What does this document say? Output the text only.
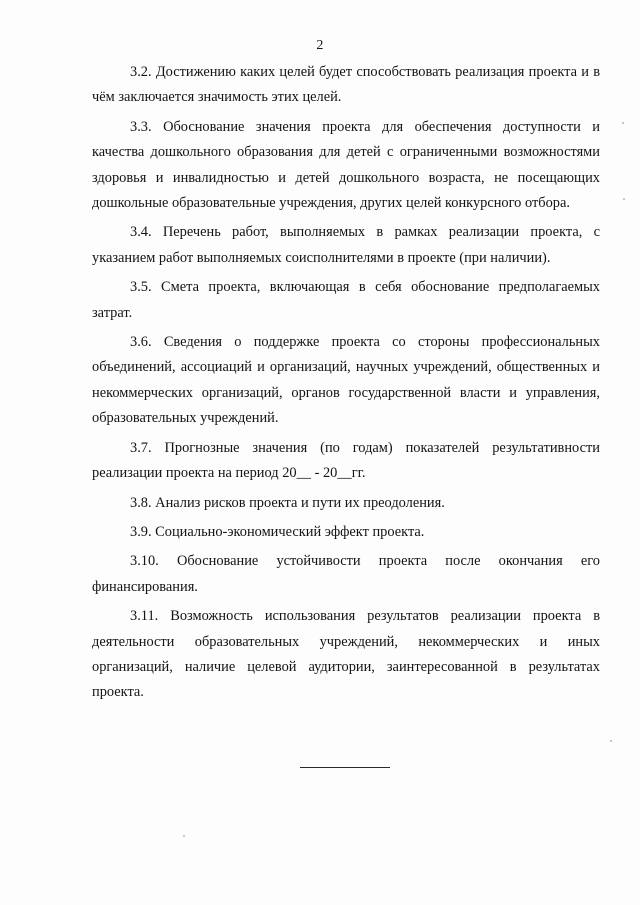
2

3.2. Достижению каких целей будет способствовать реализация проекта и в чём заключается значимость этих целей.

3.3. Обоснование значения проекта для обеспечения доступности и качества дошкольного образования для детей с ограниченными возможностями здоровья и инвалидностью и детей дошкольного возраста, не посещающих дошкольные образовательные учреждения, других целей конкурсного отбора.

3.4. Перечень работ, выполняемых в рамках реализации проекта, с указанием работ выполняемых соисполнителями в проекте (при наличии).

3.5. Смета проекта, включающая в себя обоснование предполагаемых затрат.

3.6. Сведения о поддержке проекта со стороны профессиональных объединений, ассоциаций и организаций, научных учреждений, общественных и некоммерческих организаций, органов государственной власти и управления, образовательных учреждений.

3.7. Прогнозные значения (по годам) показателей результативности реализации проекта на период 20__ - 20__гг.

3.8. Анализ рисков проекта и пути их преодоления.

3.9. Социально-экономический эффект проекта.

3.10. Обоснование устойчивости проекта после окончания его финансирования.

3.11. Возможность использования результатов реализации проекта в деятельности образовательных учреждений, некоммерческих и иных организаций, наличие целевой аудитории, заинтересованной в результатах проекта.
